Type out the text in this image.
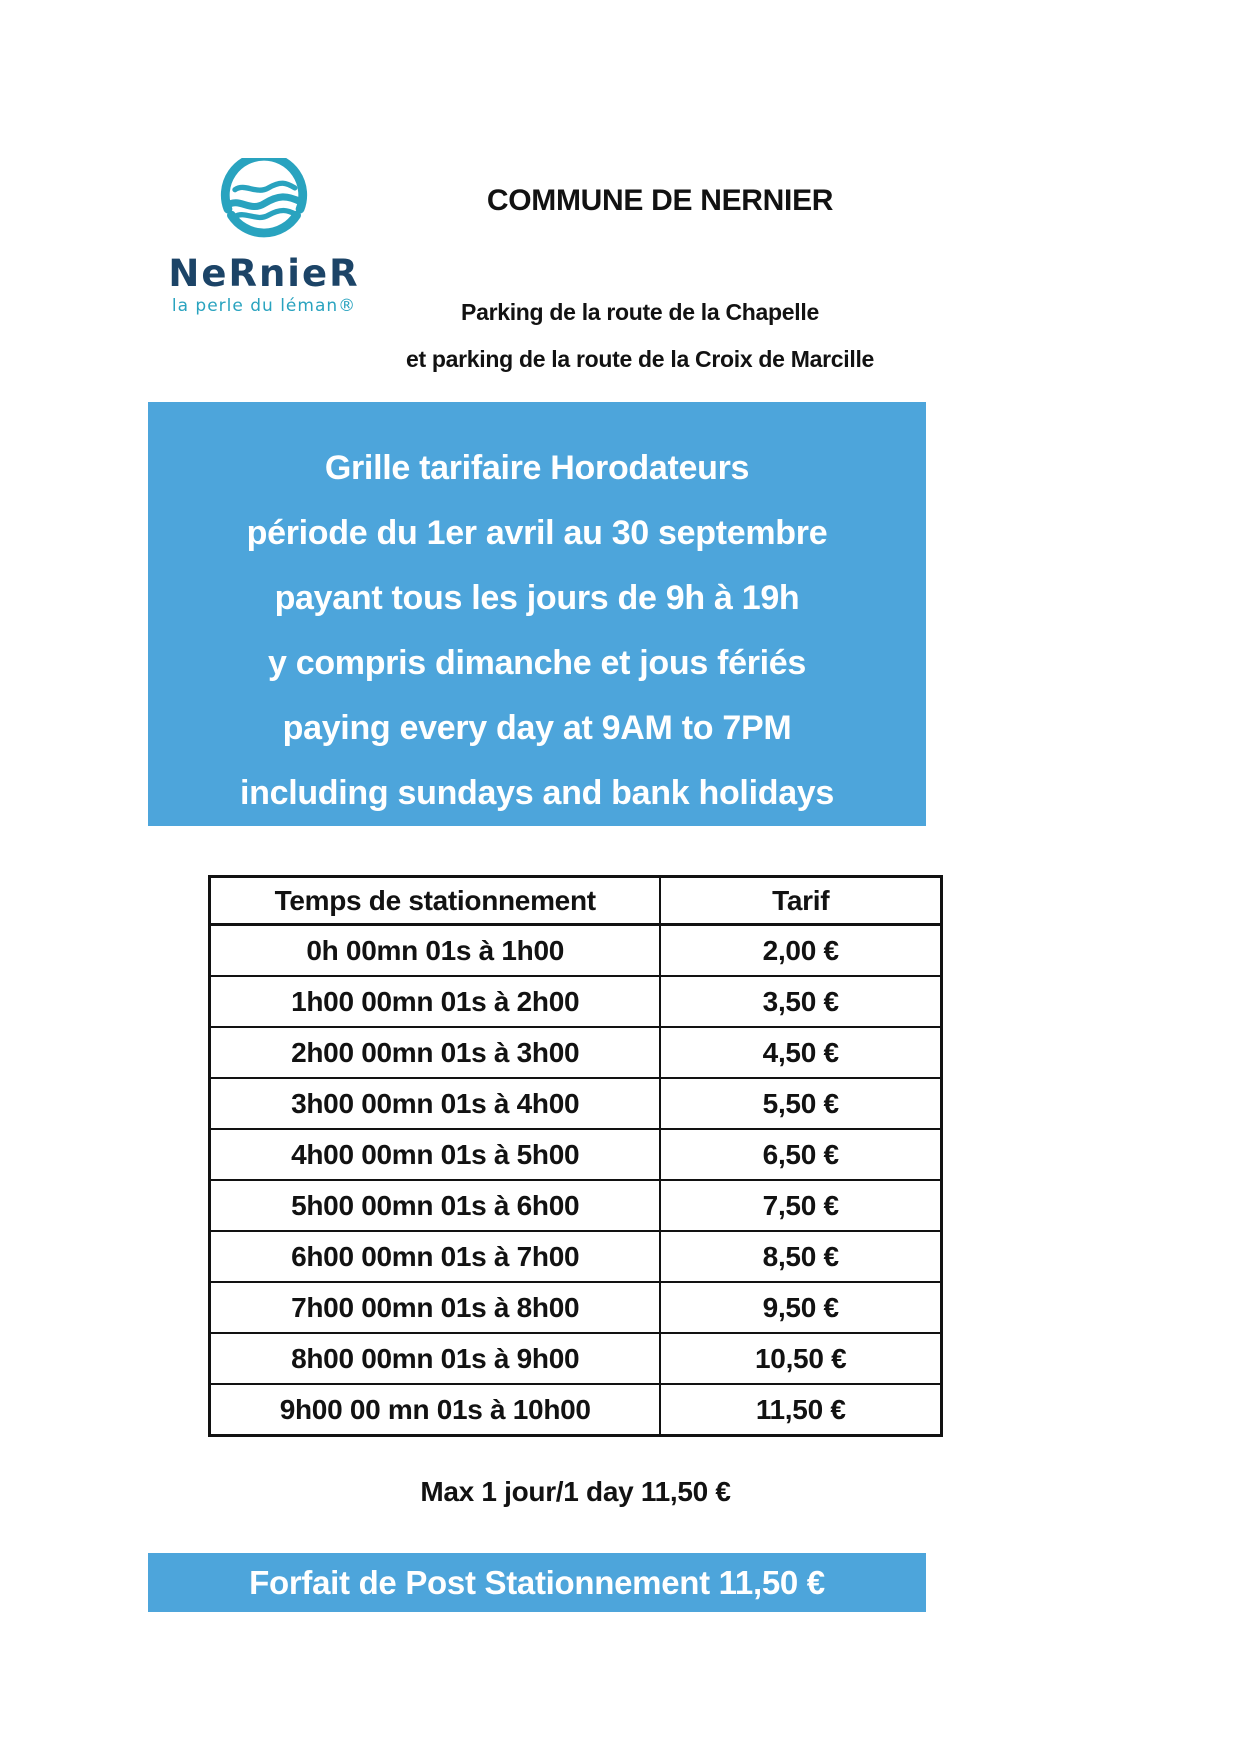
NeRnieR
la perle du léman®
COMMUNE DE NERNIER
Parking de la route de la Chapelle
et parking de la route de la Croix de Marcille
Grille tarifaire Horodateurs
période du 1er avril au 30 septembre
payant tous les jours de 9h à 19h
y compris dimanche et jous fériés
paying every day at 9AM to 7PM
including sundays and bank holidays
Temps de stationnement	Tarif
0h 00mn 01s à 1h00	2,00 €
1h00 00mn 01s à 2h00	3,50 €
2h00 00mn 01s à 3h00	4,50 €
3h00 00mn 01s à 4h00	5,50 €
4h00 00mn 01s à 5h00	6,50 €
5h00 00mn 01s à 6h00	7,50 €
6h00 00mn 01s à 7h00	8,50 €
7h00 00mn 01s à 8h00	9,50 €
8h00 00mn 01s à 9h00	10,50 €
9h00 00 mn 01s à 10h00	11,50 €
Max 1 jour/1 day 11,50 €
Forfait de Post Stationnement 11,50 €
